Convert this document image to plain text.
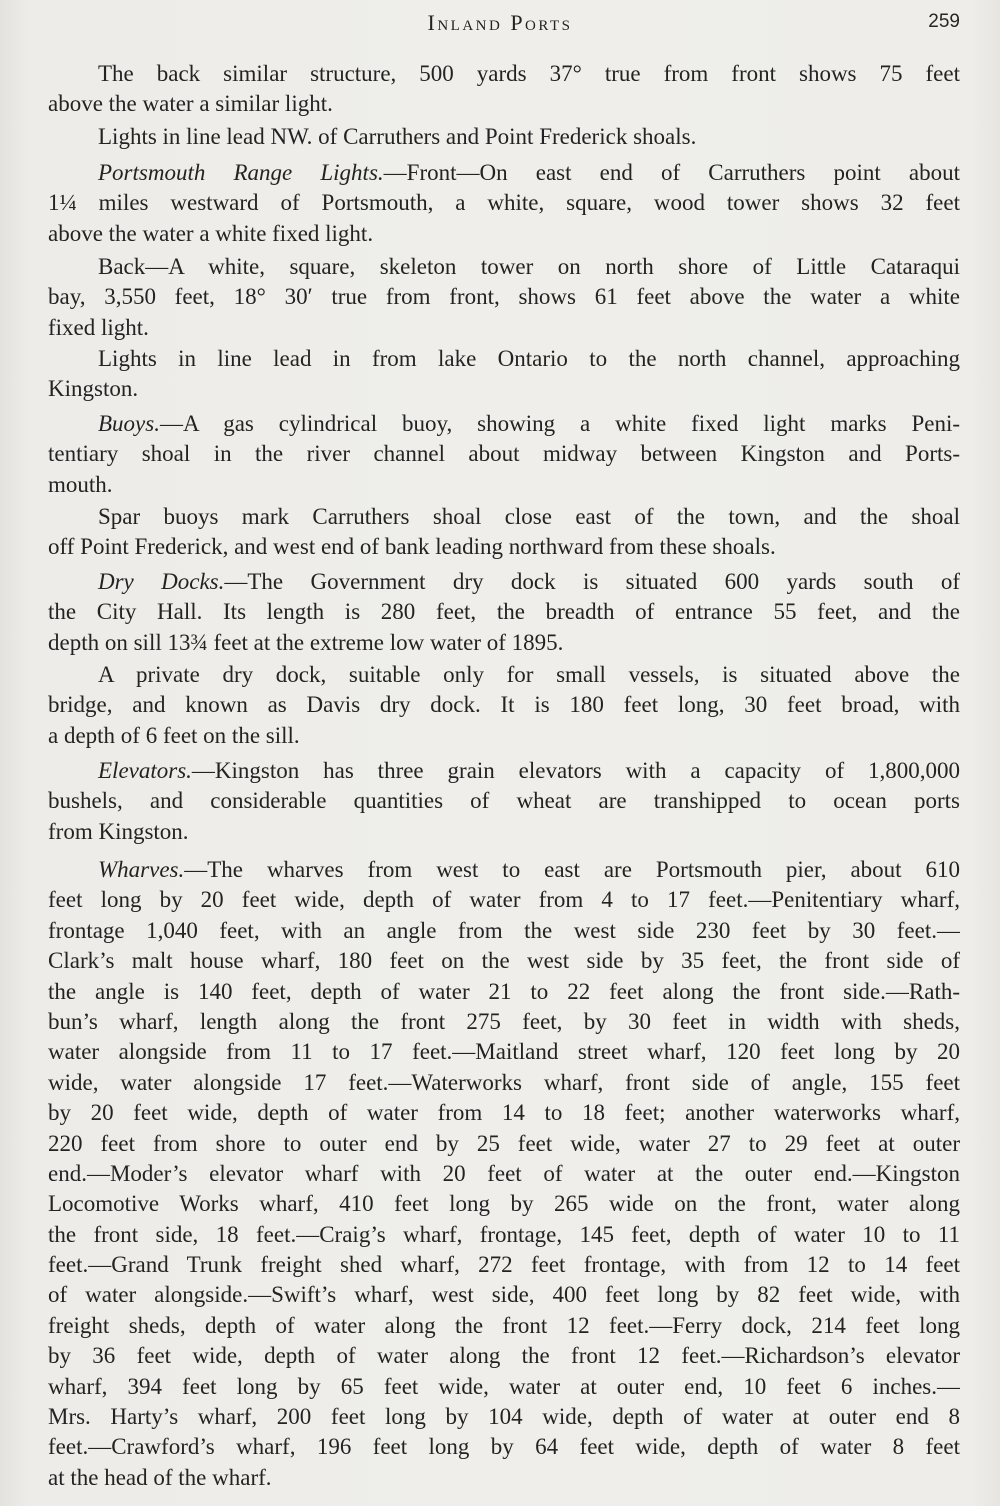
Inland Ports	259
The back similar structure, 500 yards 37° true from front shows 75 feet
above the water a similar light.
Lights in line lead NW. of Carruthers and Point Frederick shoals.
Portsmouth Range Lights.—Front—On east end of Carruthers point about
1¼ miles westward of Portsmouth, a white, square, wood tower shows 32 feet
above the water a white fixed light.
Back—A white, square, skeleton tower on north shore of Little Cataraqui
bay, 3,550 feet, 18° 30′ true from front, shows 61 feet above the water a white
fixed light.
Lights in line lead in from lake Ontario to the north channel, approaching
Kingston.
Buoys.—A gas cylindrical buoy, showing a white fixed light marks Peni-
tentiary shoal in the river channel about midway between Kingston and Ports-
mouth.
Spar buoys mark Carruthers shoal close east of the town, and the shoal
off Point Frederick, and west end of bank leading northward from these shoals.
Dry Docks.—The Government dry dock is situated 600 yards south of
the City Hall. Its length is 280 feet, the breadth of entrance 55 feet, and the
depth on sill 13¾ feet at the extreme low water of 1895.
A private dry dock, suitable only for small vessels, is situated above the
bridge, and known as Davis dry dock. It is 180 feet long, 30 feet broad, with
a depth of 6 feet on the sill.
Elevators.—Kingston has three grain elevators with a capacity of 1,800,000
bushels, and considerable quantities of wheat are transhipped to ocean ports
from Kingston.
Wharves.—The wharves from west to east are Portsmouth pier, about 610
feet long by 20 feet wide, depth of water from 4 to 17 feet.—Penitentiary wharf,
frontage 1,040 feet, with an angle from the west side 230 feet by 30 feet.—
Clark’s malt house wharf, 180 feet on the west side by 35 feet, the front side of
the angle is 140 feet, depth of water 21 to 22 feet along the front side.—Rath-
bun’s wharf, length along the front 275 feet, by 30 feet in width with sheds,
water alongside from 11 to 17 feet.—Maitland street wharf, 120 feet long by 20
wide, water alongside 17 feet.—Waterworks wharf, front side of angle, 155 feet
by 20 feet wide, depth of water from 14 to 18 feet; another waterworks wharf,
220 feet from shore to outer end by 25 feet wide, water 27 to 29 feet at outer
end.—Moder’s elevator wharf with 20 feet of water at the outer end.—Kingston
Locomotive Works wharf, 410 feet long by 265 wide on the front, water along
the front side, 18 feet.—Craig’s wharf, frontage, 145 feet, depth of water 10 to 11
feet.—Grand Trunk freight shed wharf, 272 feet frontage, with from 12 to 14 feet
of water alongside.—Swift’s wharf, west side, 400 feet long by 82 feet wide, with
freight sheds, depth of water along the front 12 feet.—Ferry dock, 214 feet long
by 36 feet wide, depth of water along the front 12 feet.—Richardson’s elevator
wharf, 394 feet long by 65 feet wide, water at outer end, 10 feet 6 inches.—
Mrs. Harty’s wharf, 200 feet long by 104 wide, depth of water at outer end 8
feet.—Crawford’s wharf, 196 feet long by 64 feet wide, depth of water 8 feet
at the head of the wharf.
